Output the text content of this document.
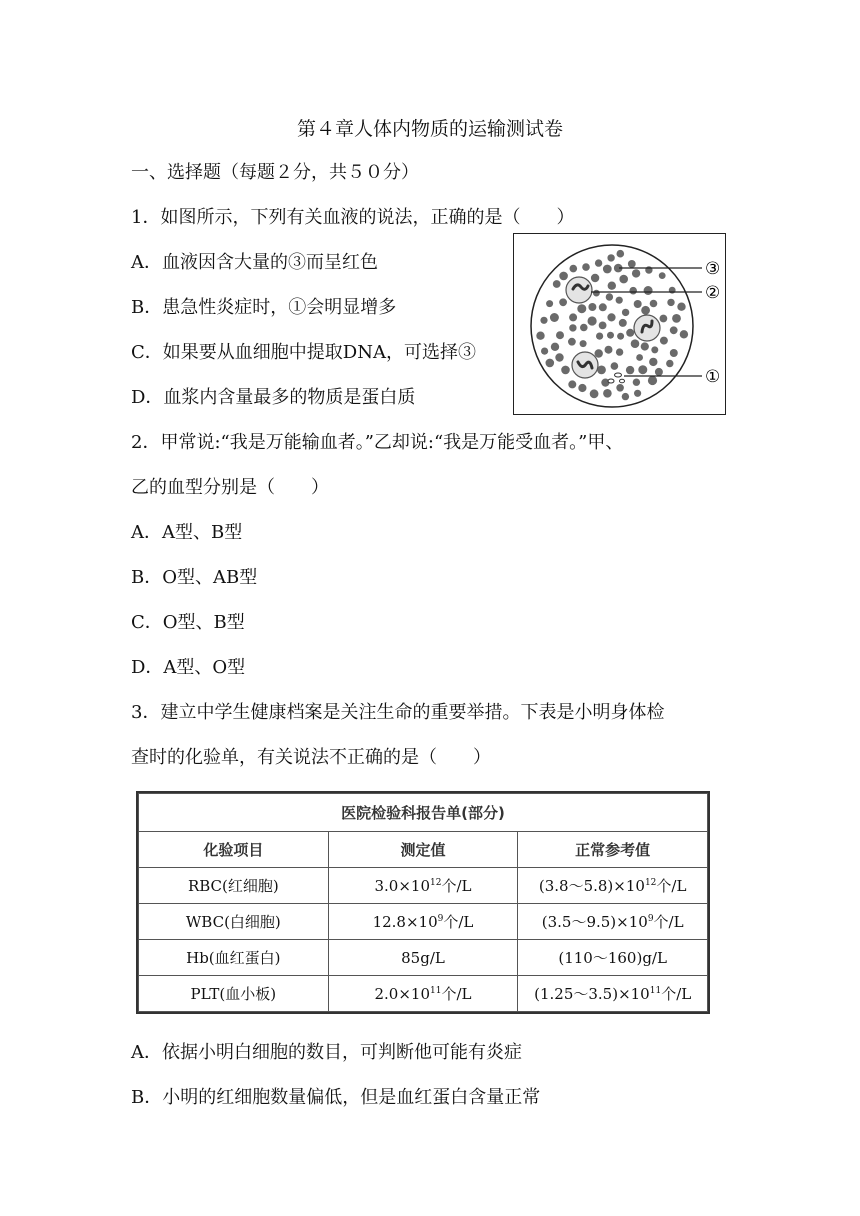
第４章人体内物质的运输测试卷
一、选择题（每题２分，共５０分）
1．如图所示，下列有关血液的说法，正确的是（　　）
A．血液因含大量的③而呈红色
B．患急性炎症时，①会明显增多
C．如果要从血细胞中提取DNA，可选择③
D．血浆内含量最多的物质是蛋白质
③
②
①
2．甲常说:“我是万能输血者。”乙却说:“我是万能受血者。”甲、
乙的血型分别是（　　）
A．A型、B型
B．O型、AB型
C．O型、B型
D．A型、O型
3．建立中学生健康档案是关注生命的重要举措。下表是小明身体检
查时的化验单，有关说法不正确的是（　　）
医院检验科报告单(部分)		
化验项目	测定值	正常参考值
RBC(红细胞)	$3.0\times 10^{12}$个/L	$(3.8\sim 5.8)\times 10^{12}$个/L
WBC(白细胞)	$12.8\times 10^9$个/L	$(3.5\sim 9.5)\times 10^9$个/L
Hb(血红蛋白)	85g/L	(110～160)g/L
PLT(血小板)	$2.0\times 10^{11}$个/L	$(1.25\sim 3.5)\times 10^{11}$个/L
A．依据小明白细胞的数目，可判断他可能有炎症
B．小明的红细胞数量偏低，但是血红蛋白含量正常
